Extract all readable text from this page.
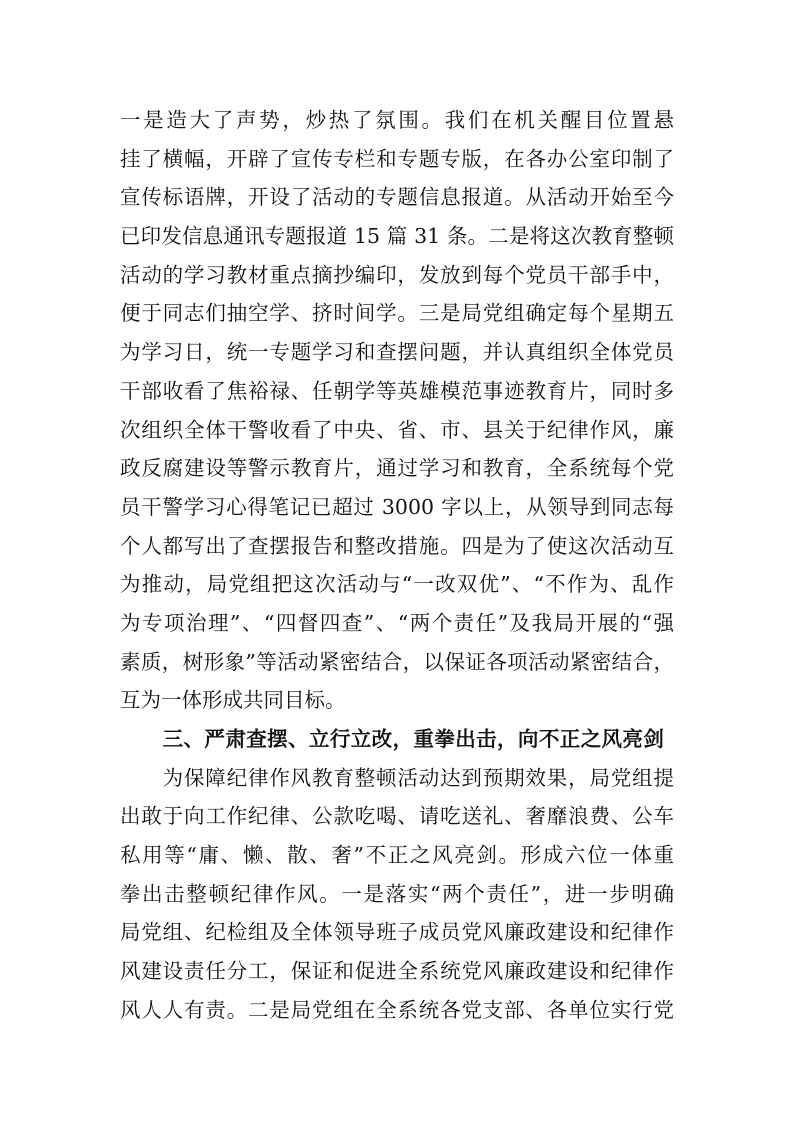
一是造大了声势，炒热了氛围。我们在机关醒目位置悬
挂了横幅，开辟了宣传专栏和专题专版，在各办公室印制了
宣传标语牌，开设了活动的专题信息报道。从活动开始至今
已印发信息通讯专题报道 15 篇 31 条。二是将这次教育整顿
活动的学习教材重点摘抄编印，发放到每个党员干部手中，
便于同志们抽空学、挤时间学。三是局党组确定每个星期五
为学习日，统一专题学习和查摆问题，并认真组织全体党员
干部收看了焦裕禄、任朝学等英雄模范事迹教育片，同时多
次组织全体干警收看了中央、省、市、县关于纪律作风，廉
政反腐建设等警示教育片，通过学习和教育，全系统每个党
员干警学习心得笔记已超过 3000 字以上，从领导到同志每
个人都写出了查摆报告和整改措施。四是为了使这次活动互
为推动，局党组把这次活动与“一改双优”、“不作为、乱作
为专项治理”、“四督四查”、“两个责任”及我局开展的“强
素质，树形象”等活动紧密结合，以保证各项活动紧密结合，
互为一体形成共同目标。
三、严肃查摆、立行立改，重拳出击，向不正之风亮剑
为保障纪律作风教育整顿活动达到预期效果，局党组提
出敢于向工作纪律、公款吃喝、请吃送礼、奢靡浪费、公车
私用等“庸、懒、散、奢”不正之风亮剑。形成六位一体重
拳出击整顿纪律作风。一是落实“两个责任”，进一步明确
局党组、纪检组及全体领导班子成员党风廉政建设和纪律作
风建设责任分工，保证和促进全系统党风廉政建设和纪律作
风人人有责。二是局党组在全系统各党支部、各单位实行党
